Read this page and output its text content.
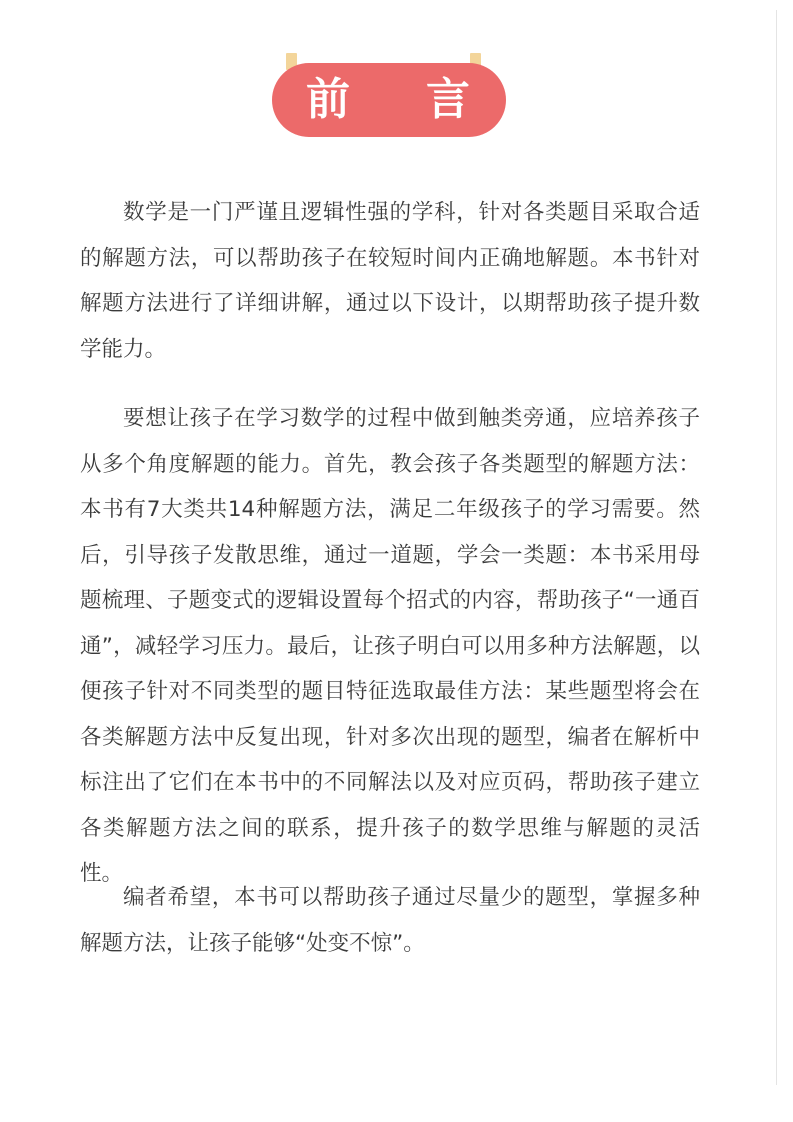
前 言

数学是一门严谨且逻辑性强的学科，针对各类题目采取合适的解题方法，可以帮助孩子在较短时间内正确地解题。本书针对解题方法进行了详细讲解，通过以下设计，以期帮助孩子提升数学能力。

要想让孩子在学习数学的过程中做到触类旁通，应培养孩子从多个角度解题的能力。首先，教会孩子各类题型的解题方法：本书有7大类共14种解题方法，满足二年级孩子的学习需要。然后，引导孩子发散思维，通过一道题，学会一类题：本书采用母题梳理、子题变式的逻辑设置每个招式的内容，帮助孩子“一通百通”，减轻学习压力。最后，让孩子明白可以用多种方法解题，以便孩子针对不同类型的题目特征选取最佳方法：某些题型将会在各类解题方法中反复出现，针对多次出现的题型，编者在解析中标注出了它们在本书中的不同解法以及对应页码，帮助孩子建立各类解题方法之间的联系，提升孩子的数学思维与解题的灵活性。

编者希望，本书可以帮助孩子通过尽量少的题型，掌握多种解题方法，让孩子能够“处变不惊”。
